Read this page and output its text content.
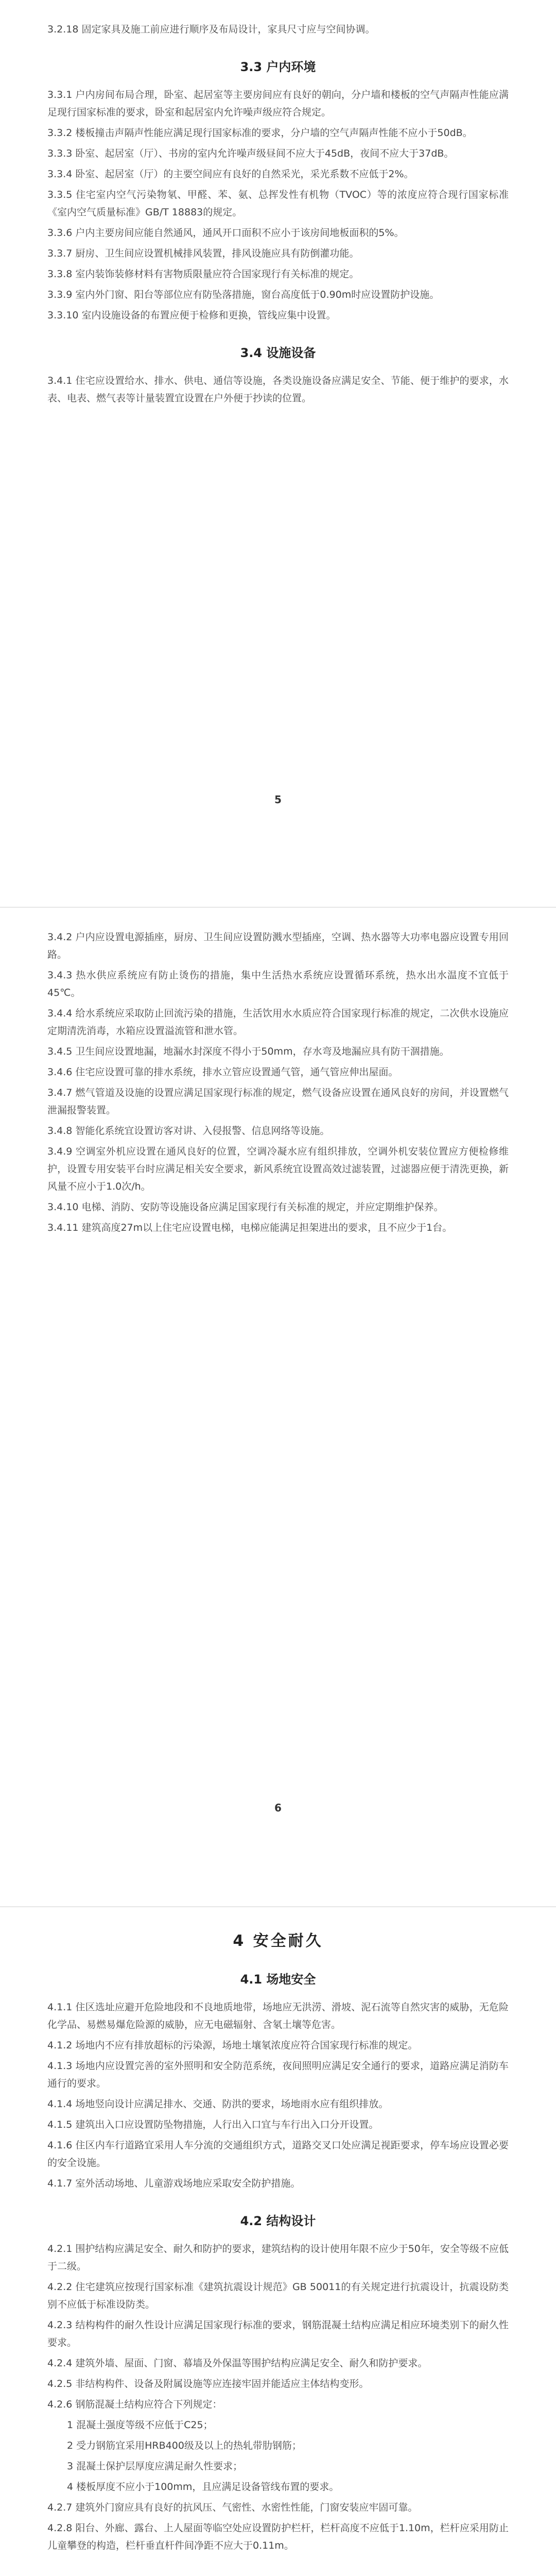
3.2.18 固定家具及施工前应进行顺序及布局设计，家具尺寸应与空间协调。

3.3 户内环境

3.3.1 户内房间布局合理，卧室、起居室等主要房间应有良好的朝向，分户墙和楼板的空气声隔声性能应满足现行国家标准的要求，卧室和起居室内允许噪声级应符合规定。

3.3.2 楼板撞击声隔声性能应满足现行国家标准的要求，分户墙的空气声隔声性能不应小于50dB。

3.3.3 卧室、起居室（厅）、书房的室内允许噪声级昼间不应大于45dB，夜间不应大于37dB。

3.3.4 卧室、起居室（厅）的主要空间应有良好的自然采光，采光系数不应低于2%。

3.3.5 住宅室内空气污染物氡、甲醛、苯、氨、总挥发性有机物（TVOC）等的浓度应符合现行国家标准《室内空气质量标准》GB/T 18883的规定。

3.3.6 户内主要房间应能自然通风，通风开口面积不应小于该房间地板面积的5%。

3.3.7 厨房、卫生间应设置机械排风装置，排风设施应具有防倒灌功能。

3.3.8 室内装饰装修材料有害物质限量应符合国家现行有关标准的规定。

3.3.9 室内外门窗、阳台等部位应有防坠落措施，窗台高度低于0.90m时应设置防护设施。

3.3.10 室内设施设备的布置应便于检修和更换，管线应集中设置。

3.4 设施设备

3.4.1 住宅应设置给水、排水、供电、通信等设施，各类设施设备应满足安全、节能、便于维护的要求，水表、电表、燃气表等计量装置宜设置在户外便于抄读的位置。

5

3.4.2 户内应设置电源插座，厨房、卫生间应设置防溅水型插座，空调、热水器等大功率电器应设置专用回路。

3.4.3 热水供应系统应有防止烫伤的措施，集中生活热水系统应设置循环系统，热水出水温度不宜低于45℃。

3.4.4 给水系统应采取防止回流污染的措施，生活饮用水水质应符合国家现行标准的规定，二次供水设施应定期清洗消毒，水箱应设置溢流管和泄水管。

3.4.5 卫生间应设置地漏，地漏水封深度不得小于50mm，存水弯及地漏应具有防干涸措施。

3.4.6 住宅应设置可靠的排水系统，排水立管应设置通气管，通气管应伸出屋面。

3.4.7 燃气管道及设施的设置应满足国家现行标准的规定，燃气设备应设置在通风良好的房间，并设置燃气泄漏报警装置。

3.4.8 智能化系统宜设置访客对讲、入侵报警、信息网络等设施。

3.4.9 空调室外机应设置在通风良好的位置，空调冷凝水应有组织排放，空调外机安装位置应方便检修维护，设置专用安装平台时应满足相关安全要求，新风系统宜设置高效过滤装置，过滤器应便于清洗更换，新风量不应小于1.0次/h。

3.4.10 电梯、消防、安防等设施设备应满足国家现行有关标准的规定，并应定期维护保养。

3.4.11 建筑高度27m以上住宅应设置电梯，电梯应能满足担架进出的要求，且不应少于1台。

6
4 安全耐久
4.1 场地安全

4.1.1 住区选址应避开危险地段和不良地质地带，场地应无洪涝、滑坡、泥石流等自然灾害的威胁，无危险化学品、易燃易爆危险源的威胁，应无电磁辐射、含氡土壤等危害。

4.1.2 场地内不应有排放超标的污染源，场地土壤氡浓度应符合国家现行标准的规定。

4.1.3 场地内应设置完善的室外照明和安全防范系统，夜间照明应满足安全通行的要求，道路应满足消防车通行的要求。

4.1.4 场地竖向设计应满足排水、交通、防洪的要求，场地雨水应有组织排放。

4.1.5 建筑出入口应设置防坠物措施，人行出入口宜与车行出入口分开设置。

4.1.6 住区内车行道路宜采用人车分流的交通组织方式，道路交叉口处应满足视距要求，停车场应设置必要的安全设施。

4.1.7 室外活动场地、儿童游戏场地应采取安全防护措施。

4.2 结构设计

4.2.1 围护结构应满足安全、耐久和防护的要求，建筑结构的设计使用年限不应少于50年，安全等级不应低于二级。

4.2.2 住宅建筑应按现行国家标准《建筑抗震设计规范》GB 50011的有关规定进行抗震设计，抗震设防类别不应低于标准设防类。

4.2.3 结构构件的耐久性设计应满足国家现行标准的要求，钢筋混凝土结构应满足相应环境类别下的耐久性要求。

4.2.4 建筑外墙、屋面、门窗、幕墙及外保温等围护结构应满足安全、耐久和防护要求。

4.2.5 非结构构件、设备及附属设施等应连接牢固并能适应主体结构变形。

4.2.6 钢筋混凝土结构应符合下列规定：

1 混凝土强度等级不应低于C25；

2 受力钢筋宜采用HRB400级及以上的热轧带肋钢筋；

3 混凝土保护层厚度应满足耐久性要求；

4 楼板厚度不应小于100mm，且应满足设备管线布置的要求。

4.2.7 建筑外门窗应具有良好的抗风压、气密性、水密性性能，门窗安装应牢固可靠。

4.2.8 阳台、外廊、露台、上人屋面等临空处应设置防护栏杆，栏杆高度不应低于1.10m，栏杆应采用防止儿童攀登的构造，栏杆垂直杆件间净距不应大于0.11m。
